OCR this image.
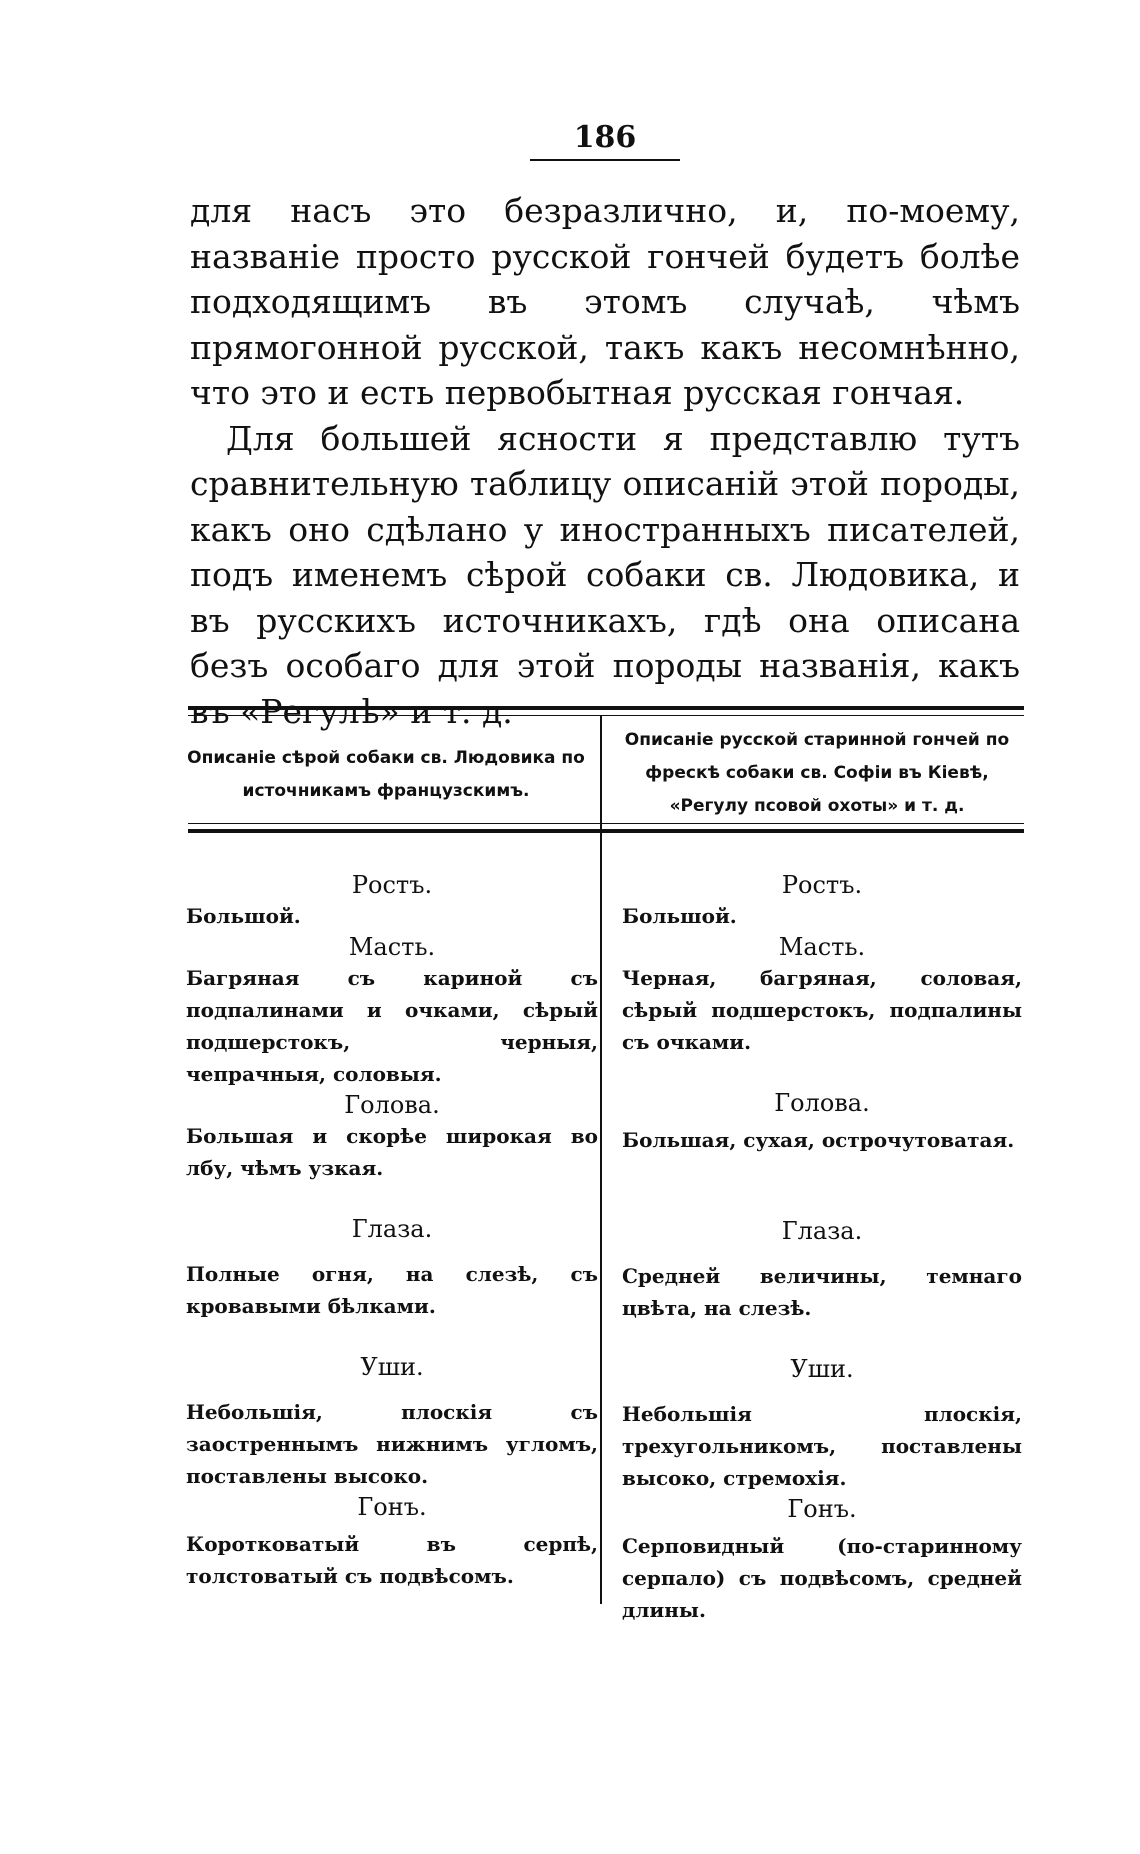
186

для насъ это безразлично, и, по-моему, названіе просто русской гончей будетъ болѣе подходящимъ въ этомъ случаѣ, чѣмъ прямогонной русской, такъ какъ несомнѣнно, что это и есть первобытная русская гончая.

Для большей ясности я представлю тутъ сравнительную таблицу описаній этой породы, какъ оно сдѣлано у иностранныхъ писателей, подъ именемъ сѣрой собаки св. Людовика, и въ русскихъ источникахъ, гдѣ она описана безъ особаго для этой породы названія, какъ въ «Регулѣ» и т. д.

Описаніе сѣрой собаки св. Людовика по источникамъ французскимъ.
Описаніе русской старинной гончей по фрескѣ собаки св. Софіи въ Кіевѣ, «Регулу псовой охоты» и т. д.

Ростъ.

Большой.

Масть.

Багряная съ кариной съ подпалинами и очками, сѣрый подшерстокъ, черныя, чепрачныя, соловыя.

Голова.

Большая и скорѣе широкая во лбу, чѣмъ узкая.

Глаза.

Полные огня, на слезѣ, съ кровавыми бѣлками.

Уши.

Небольшія, плоскія съ заостреннымъ нижнимъ угломъ, поставлены высоко.

Гонъ.

Коротковатый въ серпѣ, толстоватый съ подвѣсомъ.

Ростъ.

Большой.

Масть.

Черная, багряная, соловая, сѣрый подшерстокъ, подпалины съ очками.

Голова.

Большая, сухая, острочутоватая.

Глаза.

Средней величины, темнаго цвѣта, на слезѣ.

Уши.

Небольшія плоскія, трехугольникомъ, поставлены высоко, стремохія.

Гонъ.

Серповидный (по-старинному серпало) съ подвѣсомъ, средней длины.
